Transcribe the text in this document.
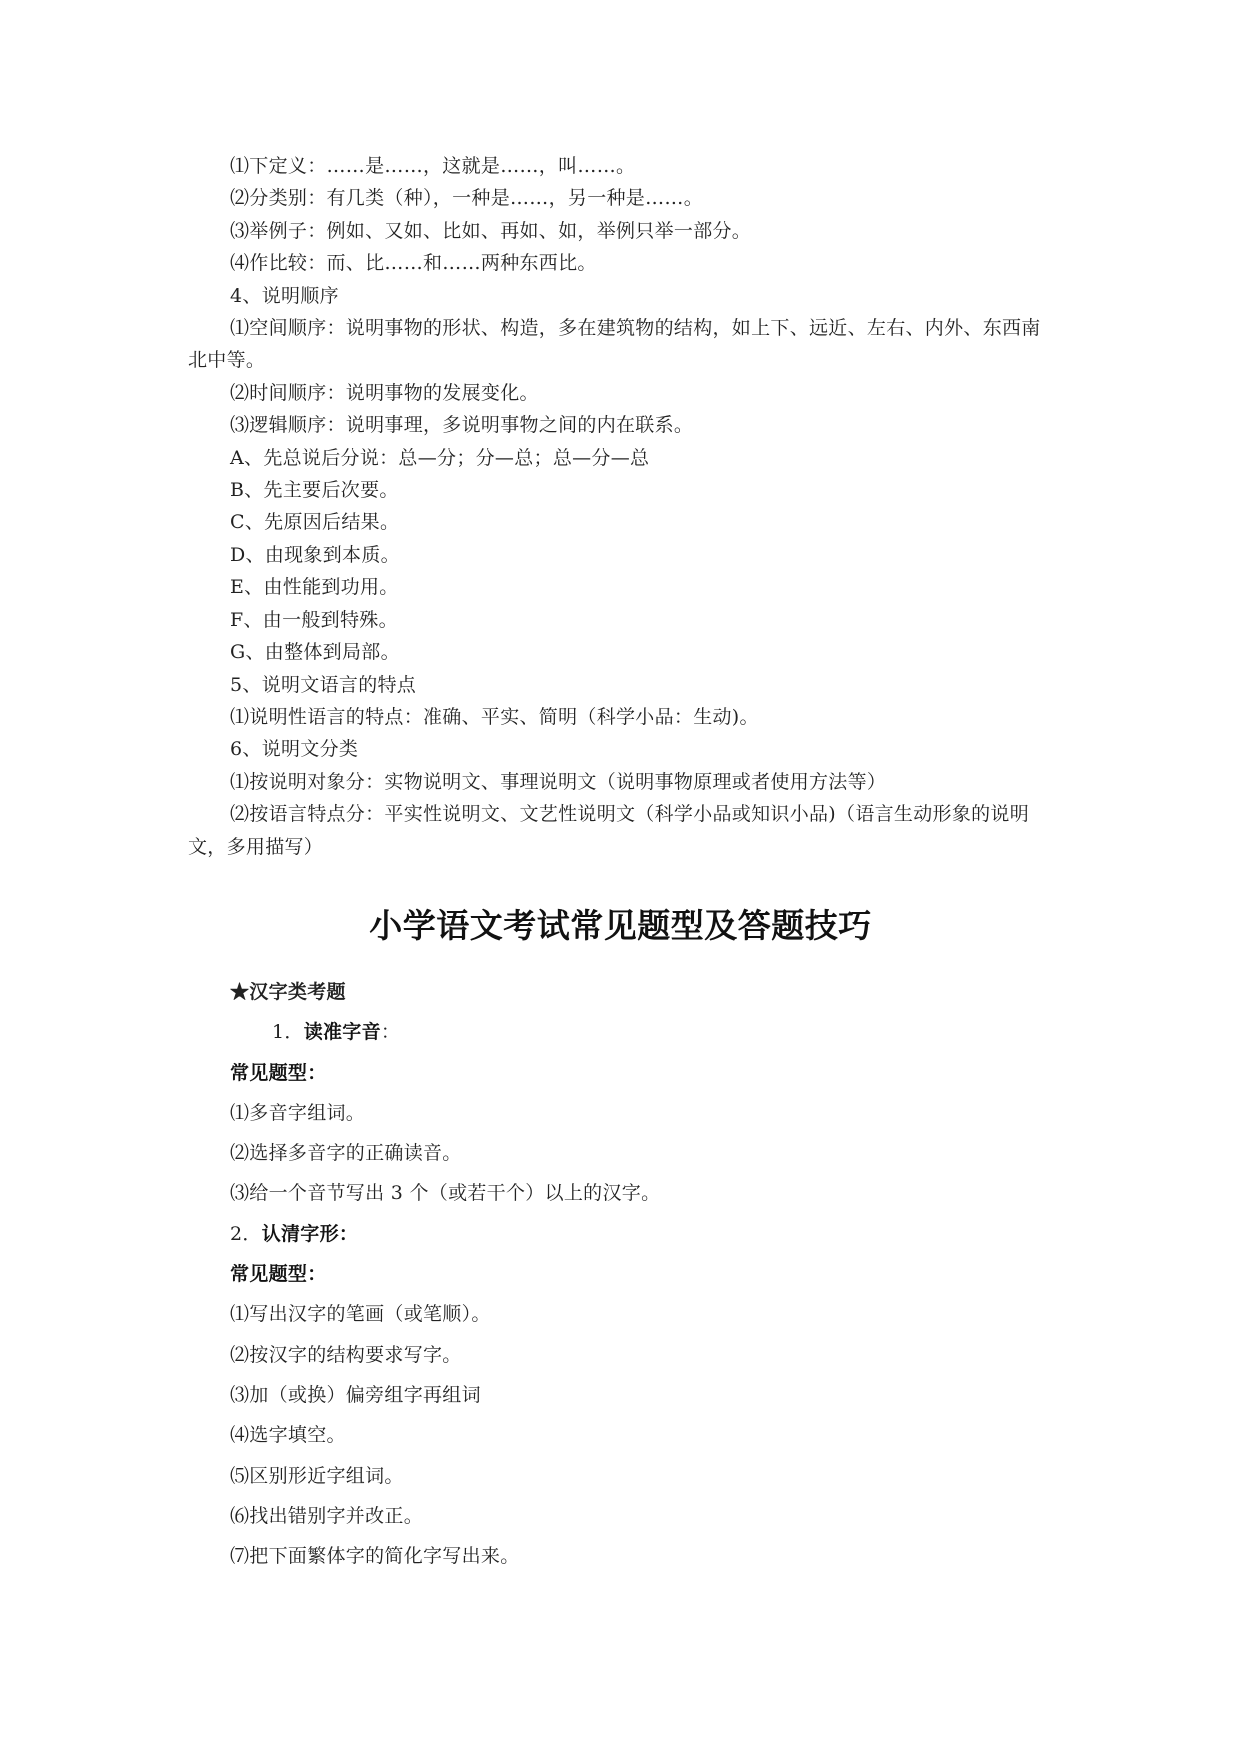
⑴下定义：……是……，这就是……，叫……。

⑵分类别：有几类（种），一种是……，另一种是……。

⑶举例子：例如、又如、比如、再如、如，举例只举一部分。

⑷作比较：而、比……和……两种东西比。

4、说明顺序

⑴空间顺序：说明事物的形状、构造，多在建筑物的结构，如上下、远近、左右、内外、东西南北中等。

⑵时间顺序：说明事物的发展变化。

⑶逻辑顺序：说明事理，多说明事物之间的内在联系。

A、先总说后分说：总—分；分—总；总—分—总

B、先主要后次要。

C、先原因后结果。

D、由现象到本质。

E、由性能到功用。

F、由一般到特殊。

G、由整体到局部。

5、说明文语言的特点

⑴说明性语言的特点：准确、平实、简明（科学小品：生动)。

6、说明文分类

⑴按说明对象分：实物说明文、事理说明文（说明事物原理或者使用方法等）

⑵按语言特点分：平实性说明文、文艺性说明文（科学小品或知识小品)（语言生动形象的说明文，多用描写）

小学语文考试常见题型及答题技巧

★汉字类考题

1．读准字音：

常见题型：

⑴多音字组词。

⑵选择多音字的正确读音。

⑶给一个音节写出 3 个（或若干个）以上的汉字。

2．认清字形：

常见题型：

⑴写出汉字的笔画（或笔顺）。

⑵按汉字的结构要求写字。

⑶加（或换）偏旁组字再组词

⑷选字填空。

⑸区别形近字组词。

⑹找出错别字并改正。

⑺把下面繁体字的简化字写出来。
